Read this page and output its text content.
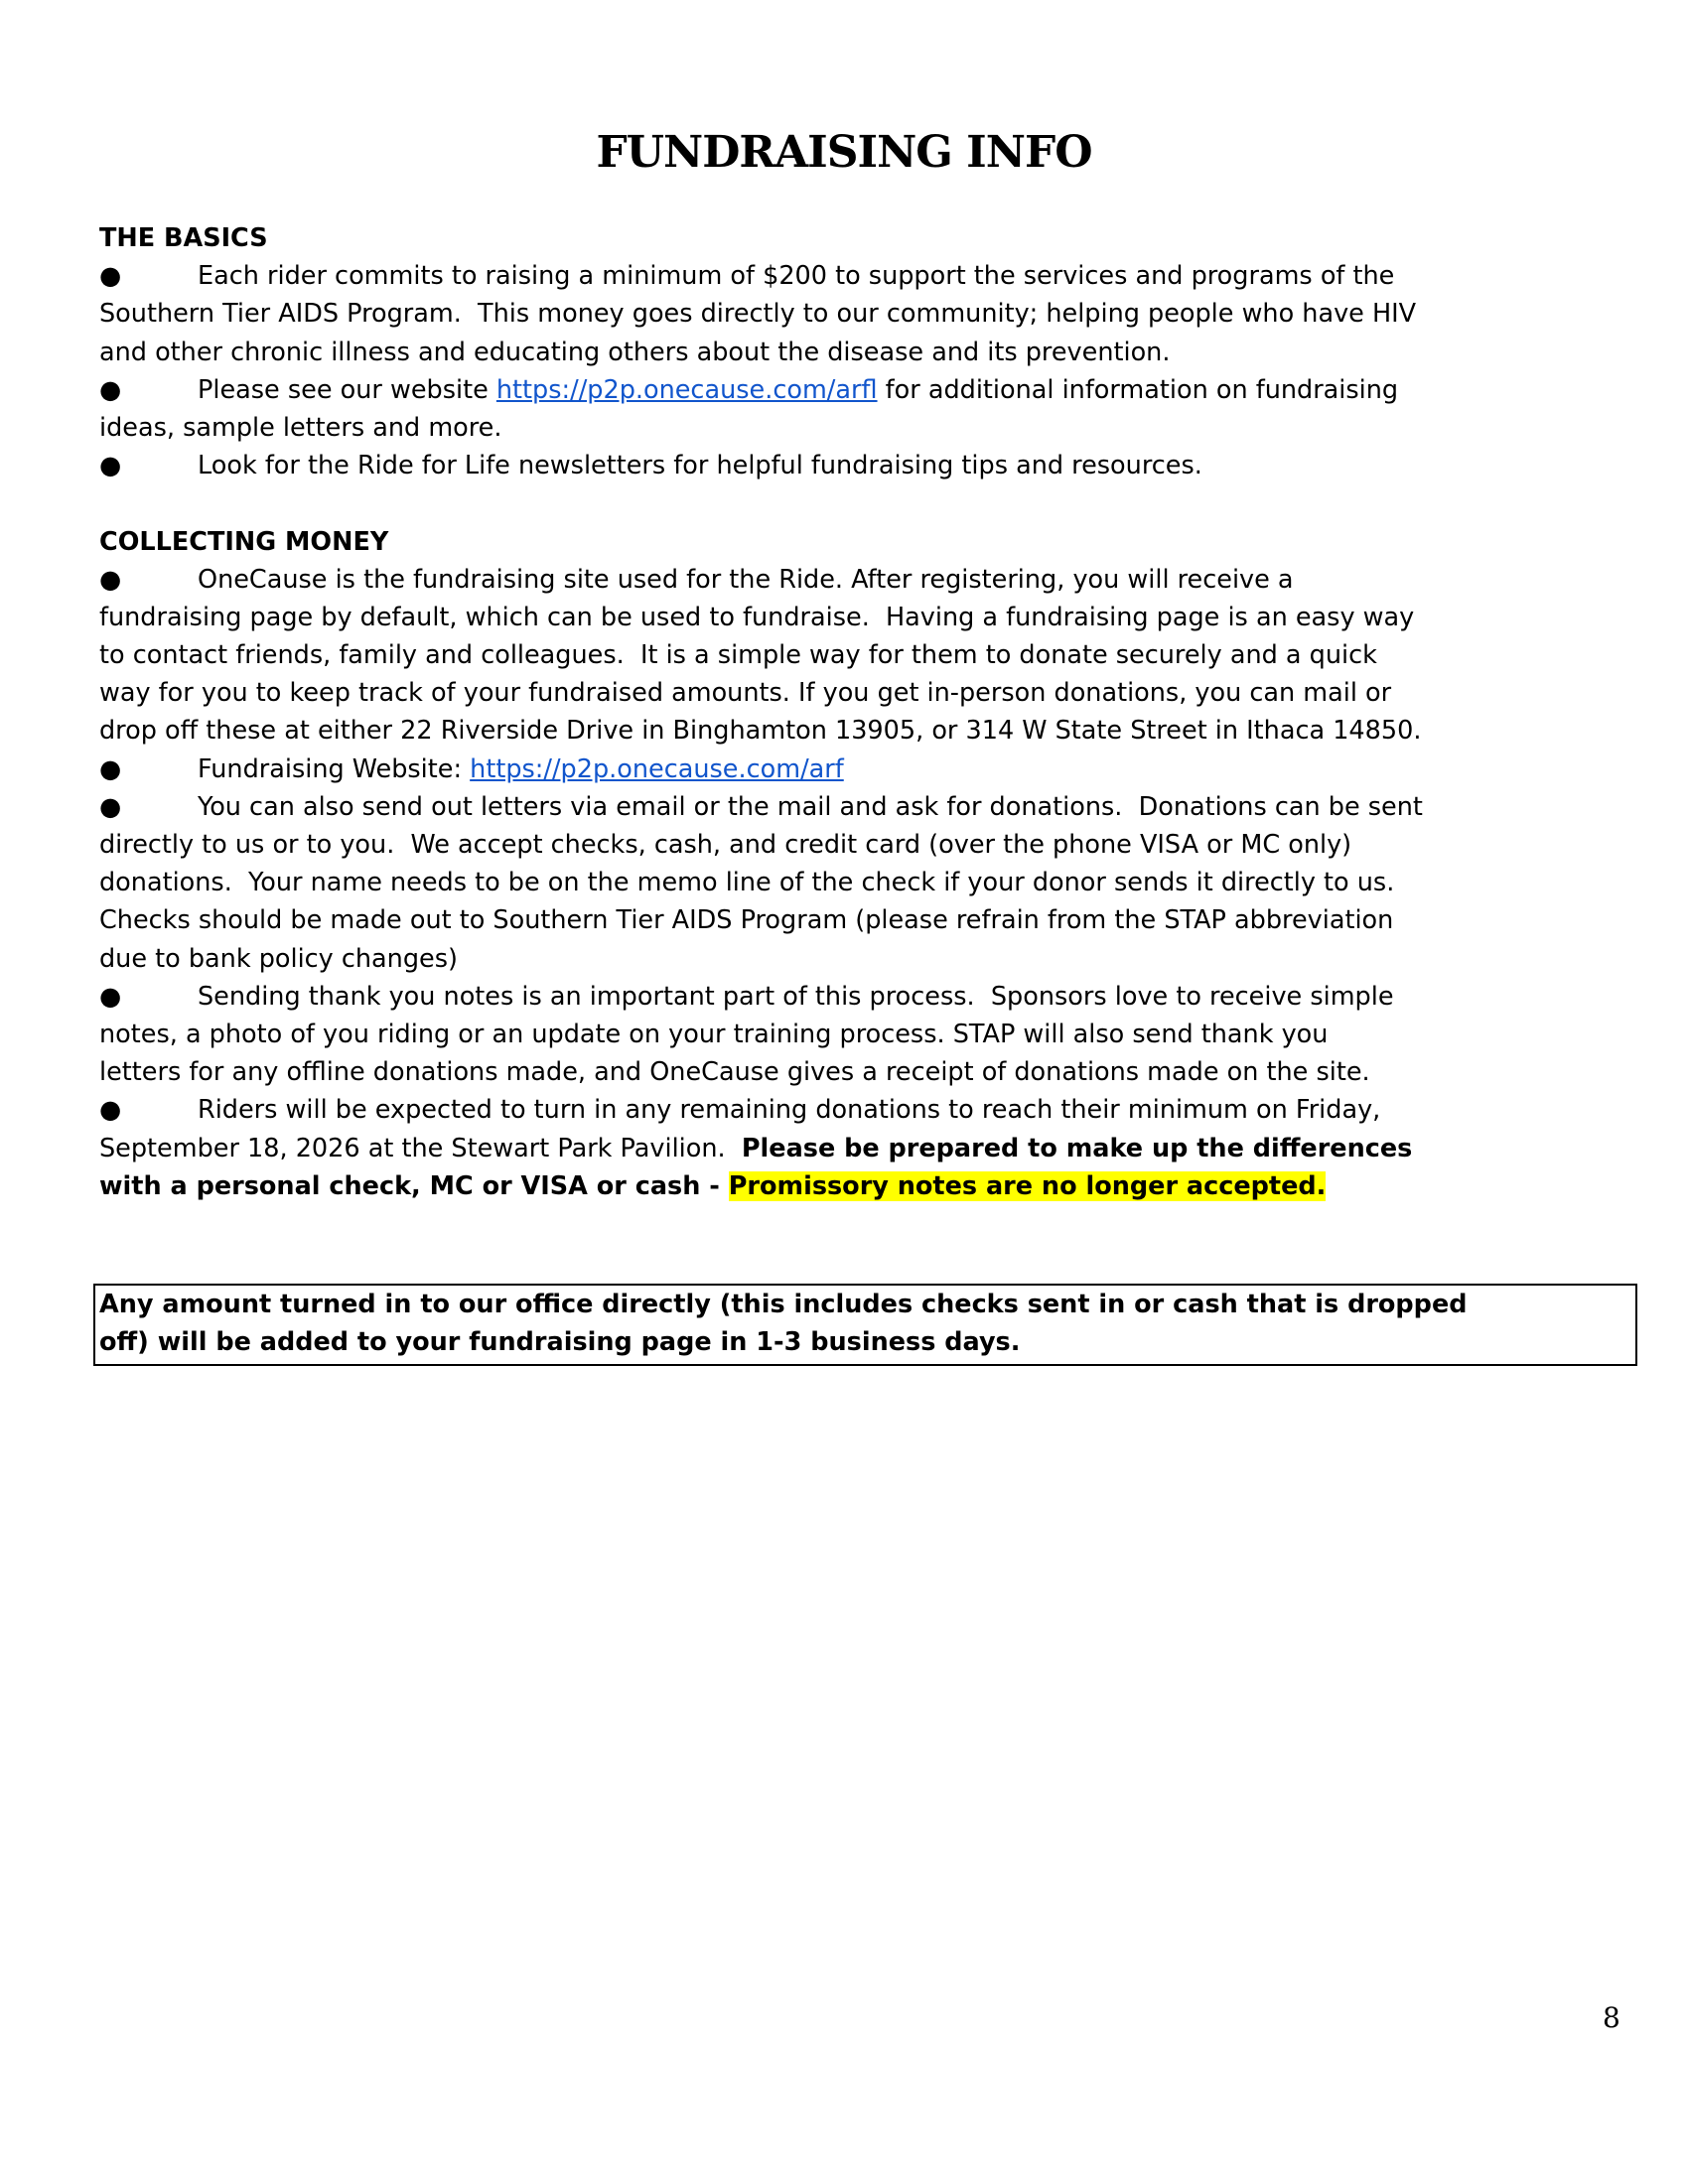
FUNDRAISING INFO
THE BASICS
●	Each rider commits to raising a minimum of $200 to support the services and programs of the
Southern Tier AIDS Program.  This money goes directly to our community; helping people who have HIV
and other chronic illness and educating others about the disease and its prevention.
●	Please see our website https://p2p.onecause.com/arfl for additional information on fundraising
ideas, sample letters and more.
●	Look for the Ride for Life newsletters for helpful fundraising tips and resources.
COLLECTING MONEY
●	OneCause is the fundraising site used for the Ride. After registering, you will receive a
fundraising page by default, which can be used to fundraise.  Having a fundraising page is an easy way
to contact friends, family and colleagues.  It is a simple way for them to donate securely and a quick
way for you to keep track of your fundraised amounts. If you get in-person donations, you can mail or
drop off these at either 22 Riverside Drive in Binghamton 13905, or 314 W State Street in Ithaca 14850.
●	Fundraising Website: https://p2p.onecause.com/arf
●	You can also send out letters via email or the mail and ask for donations.  Donations can be sent
directly to us or to you.  We accept checks, cash, and credit card (over the phone VISA or MC only)
donations.  Your name needs to be on the memo line of the check if your donor sends it directly to us.
Checks should be made out to Southern Tier AIDS Program (please refrain from the STAP abbreviation
due to bank policy changes)
●	Sending thank you notes is an important part of this process.  Sponsors love to receive simple
notes, a photo of you riding or an update on your training process. STAP will also send thank you
letters for any offline donations made, and OneCause gives a receipt of donations made on the site.
●	Riders will be expected to turn in any remaining donations to reach their minimum on Friday,
September 18, 2026 at the Stewart Park Pavilion.  Please be prepared to make up the differences
with a personal check, MC or VISA or cash - Promissory notes are no longer accepted.
Any amount turned in to our office directly (this includes checks sent in or cash that is dropped
off) will be added to your fundraising page in 1-3 business days.
8
